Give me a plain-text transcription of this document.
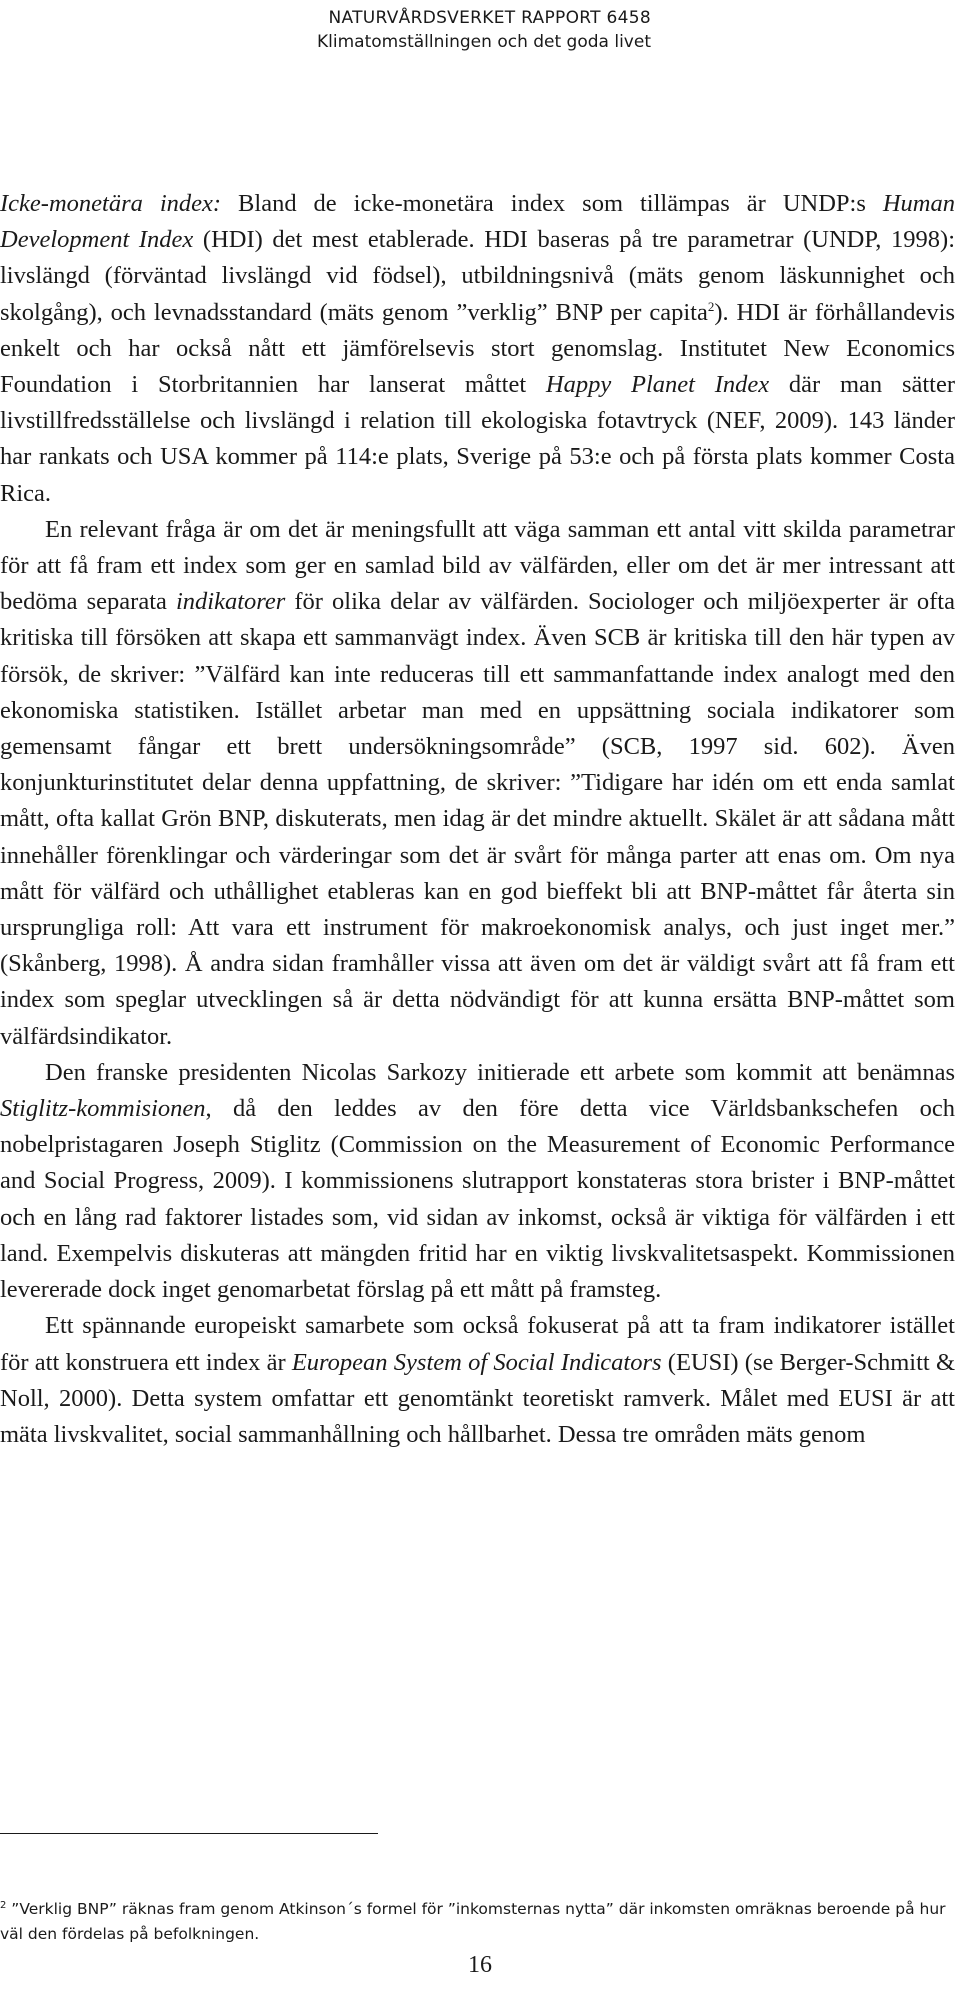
NATURVÅRDSVERKET RAPPORT 6458
Klimatomställningen och det goda livet

Icke-monetära index: Bland de icke-monetära index som tillämpas är UNDP:s Human Development Index (HDI) det mest etablerade. HDI baseras på tre parametrar (UNDP, 1998): livslängd (förväntad livslängd vid födsel), utbildningsnivå (mäts genom läskunnighet och skolgång), och levnadsstandard (mäts genom ”verklig” BNP per capita$^2$). HDI är förhållandevis enkelt och har också nått ett jämförelsevis stort genomslag. Institutet New Economics Foundation i Storbritannien har lanserat måttet Happy Planet Index där man sätter livstillfredsställelse och livslängd i relation till ekologiska fotavtryck (NEF, 2009). 143 länder har rankats och USA kommer på 114:e plats, Sverige på 53:e och på första plats kommer Costa Rica.

En relevant fråga är om det är meningsfullt att väga samman ett antal vitt skilda parametrar för att få fram ett index som ger en samlad bild av välfärden, eller om det är mer intressant att bedöma separata indikatorer för olika delar av välfärden. Sociologer och miljöexperter är ofta kritiska till försöken att skapa ett sammanvägt index. Även SCB är kritiska till den här typen av försök, de skriver: ”Välfärd kan inte reduceras till ett sammanfattande index analogt med den ekonomiska statistiken. Istället arbetar man med en uppsättning sociala indikatorer som gemensamt fångar ett brett undersökningsområde” (SCB, 1997 sid. 602). Även konjunkturinstitutet delar denna uppfattning, de skriver: ”Tidigare har idén om ett enda samlat mått, ofta kallat Grön BNP, diskuterats, men idag är det mindre aktuellt. Skälet är att sådana mått innehåller förenklingar och värderingar som det är svårt för många parter att enas om. Om nya mått för välfärd och uthållighet etableras kan en god bieffekt bli att BNP-måttet får återta sin ursprungliga roll: Att vara ett instrument för makroekonomisk analys, och just inget mer.” (Skånberg, 1998). Å andra sidan framhåller vissa att även om det är väldigt svårt att få fram ett index som speglar utvecklingen så är detta nödvändigt för att kunna ersätta BNP-måttet som välfärdsindikator.

Den franske presidenten Nicolas Sarkozy initierade ett arbete som kommit att benämnas Stiglitz-kommisionen, då den leddes av den före detta vice Världsbankschefen och nobelpristagaren Joseph Stiglitz (Commission on the Measurement of Economic Performance and Social Progress, 2009). I kommissionens slutrapport konstateras stora brister i BNP-måttet och en lång rad faktorer listades som, vid sidan av inkomst, också är viktiga för välfärden i ett land. Exempelvis diskuteras att mängden fritid har en viktig livskvalitetsaspekt. Kommissionen levererade dock inget genomarbetat förslag på ett mått på framsteg.

Ett spännande europeiskt samarbete som också fokuserat på att ta fram indikatorer istället för att konstruera ett index är European System of Social Indicators (EUSI) (se Berger-Schmitt & Noll, 2000). Detta system omfattar ett genomtänkt teoretiskt ramverk. Målet med EUSI är att mäta livskvalitet, social sammanhållning och hållbarhet. Dessa tre områden mäts genom

$^2$ ”Verklig BNP” räknas fram genom Atkinson´s formel för ”inkomsternas nytta” där inkomsten omräknas beroende på hur väl den fördelas på befolkningen.
16
